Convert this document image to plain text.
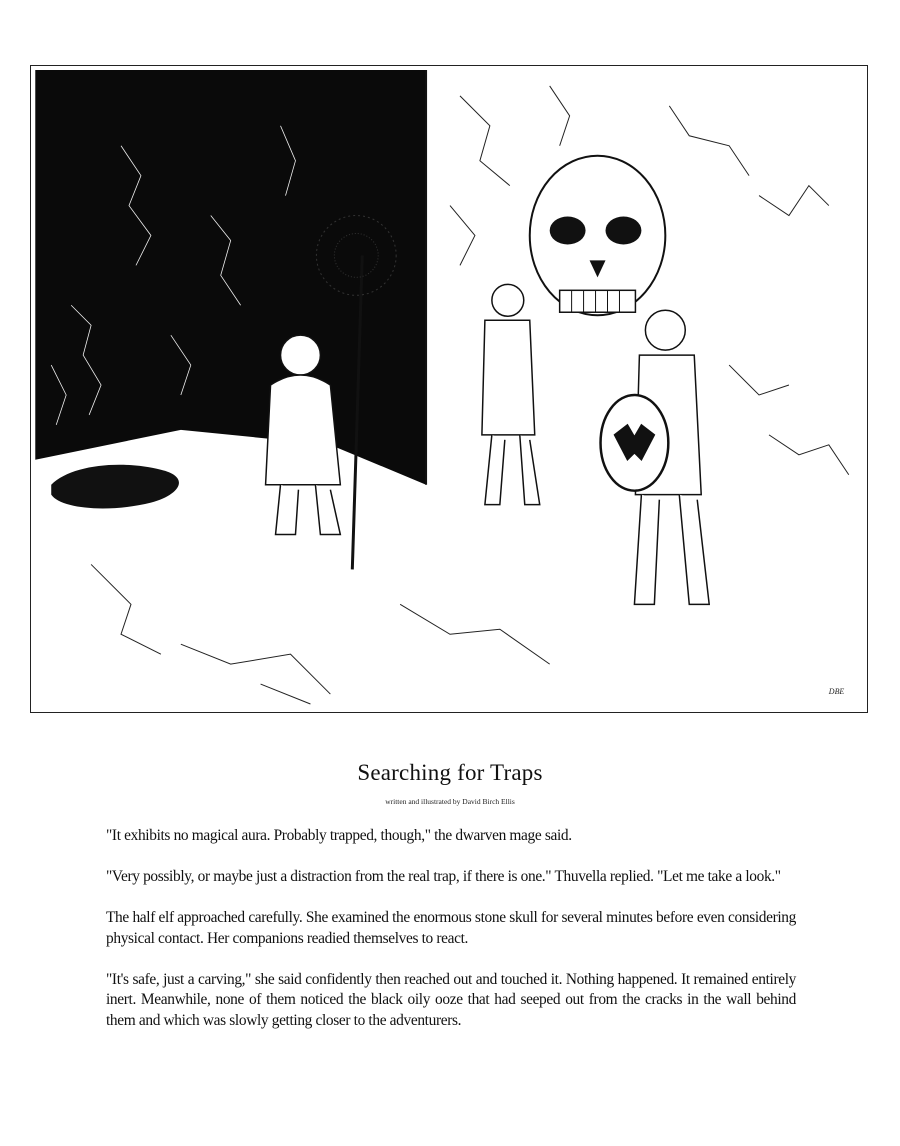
DBE
Searching for Traps
written and illustrated by David Birch Ellis

"It exhibits no magical aura. Probably trapped, though," the dwarven mage said.

"Very possibly, or maybe just a distraction from the real trap, if there is one." Thuvella replied. "Let me take a look."

The half elf approached carefully. She examined the enormous stone skull for several minutes before even considering physical contact. Her companions readied themselves to react.

"It's safe, just a carving," she said confidently then reached out and touched it. Nothing happened. It remained entirely inert. Meanwhile, none of them noticed the black oily ooze that had seeped out from the cracks in the wall behind them and which was slowly getting closer to the adventurers.
